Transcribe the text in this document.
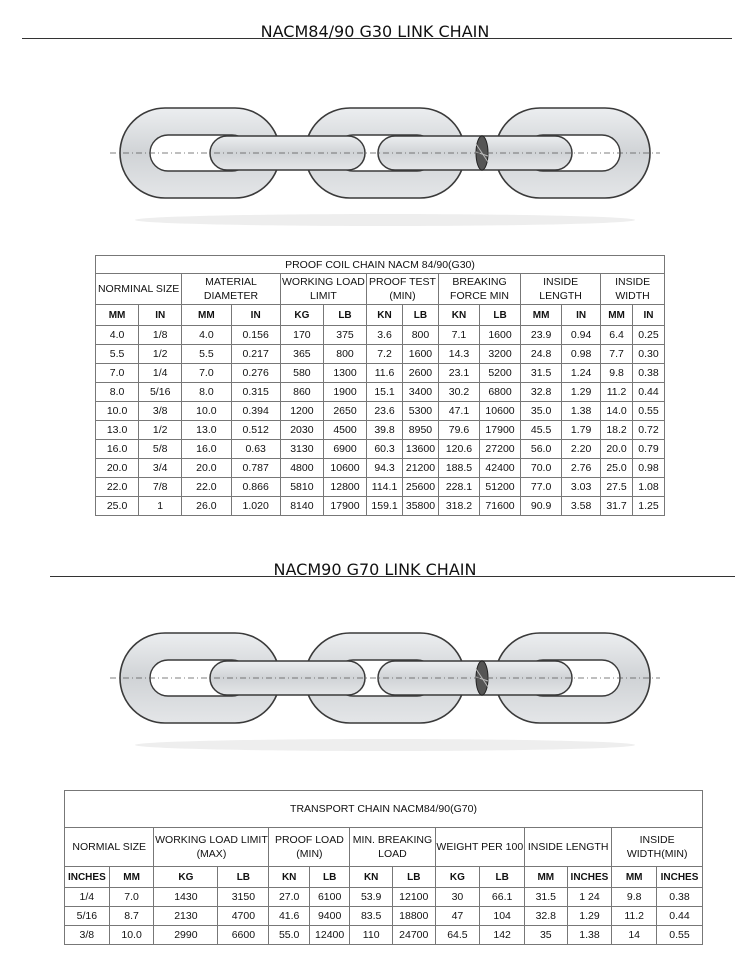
NACM84/90 G30 LINK CHAIN
PROOF COIL CHAIN NACM 84/90(G30)													
NORMINAL SIZE		MATERIAL DIAMETER		WORKING LOAD LIMIT		PROOF TEST (MIN)		BREAKING FORCE MIN		INSIDE LENGTH		INSIDE WIDTH	
MM	IN	MM	IN	KG	LB	KN	LB	KN	LB	MM	IN	MM	IN
4.0	1/8	4.0	0.156	170	375	3.6	800	7.1	1600	23.9	0.94	6.4	0.25
5.5	1/2	5.5	0.217	365	800	7.2	1600	14.3	3200	24.8	0.98	7.7	0.30
7.0	1/4	7.0	0.276	580	1300	11.6	2600	23.1	5200	31.5	1.24	9.8	0.38
8.0	5/16	8.0	0.315	860	1900	15.1	3400	30.2	6800	32.8	1.29	11.2	0.44
10.0	3/8	10.0	0.394	1200	2650	23.6	5300	47.1	10600	35.0	1.38	14.0	0.55
13.0	1/2	13.0	0.512	2030	4500	39.8	8950	79.6	17900	45.5	1.79	18.2	0.72
16.0	5/8	16.0	0.63	3130	6900	60.3	13600	120.6	27200	56.0	2.20	20.0	0.79
20.0	3/4	20.0	0.787	4800	10600	94.3	21200	188.5	42400	70.0	2.76	25.0	0.98
22.0	7/8	22.0	0.866	5810	12800	114.1	25600	228.1	51200	77.0	3.03	27.5	1.08
25.0	1	26.0	1.020	8140	17900	159.1	35800	318.2	71600	90.9	3.58	31.7	1.25
NACM90 G70 LINK CHAIN
TRANSPORT CHAIN NACM84/90(G70)													
NORMIAL SIZE		WORKING LOAD LIMIT (MAX)		PROOF LOAD (MIN)		MIN. BREAKING LOAD		WEIGHT PER 100		INSIDE LENGTH		INSIDE WIDTH(MIN)	
INCHES	MM	KG	LB	KN	LB	KN	LB	KG	LB	MM	INCHES	MM	INCHES
1/4	7.0	1430	3150	27.0	6100	53.9	12100	30	66.1	31.5	1 24	9.8	0.38
5/16	8.7	2130	4700	41.6	9400	83.5	18800	47	104	32.8	1.29	11.2	0.44
3/8	10.0	2990	6600	55.0	12400	110	24700	64.5	142	35	1.38	14	0.55
